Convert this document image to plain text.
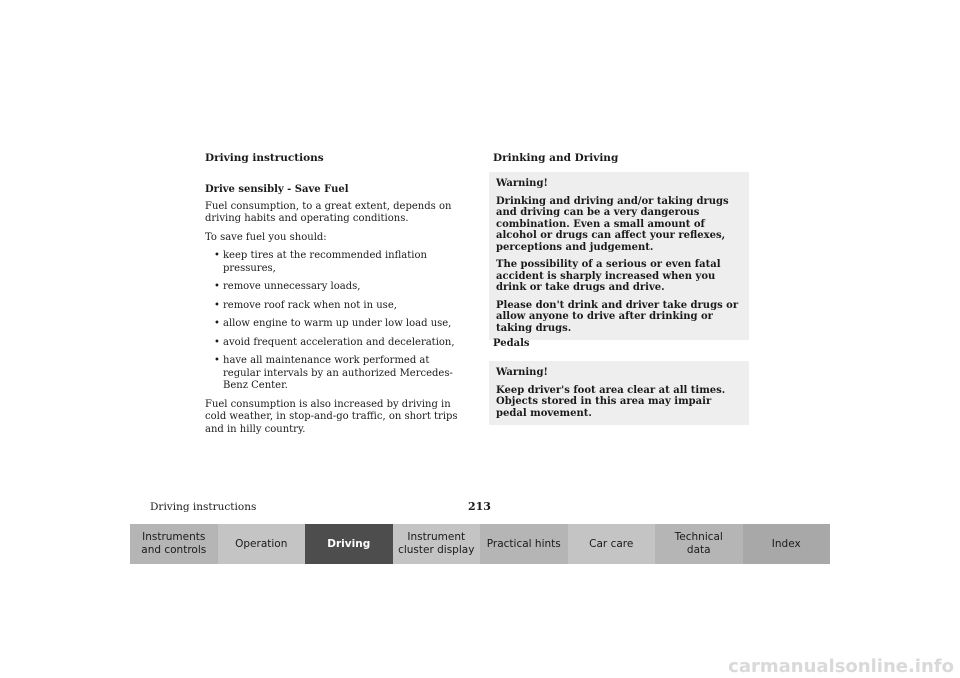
Driving instructions	Drinking and Driving

Drive sensibly - Save Fuel

Fuel consumption, to a great extent, depends on driving habits and operating conditions.

To save fuel you should:

• keep tires at the recommended inflation pressures,
• remove unnecessary loads,
• remove roof rack when not in use,
• allow engine to warm up under low load use,
• avoid frequent acceleration and deceleration,
• have all maintenance work performed at regular intervals by an authorized Mercedes-Benz Center.

Fuel consumption is also increased by driving in cold weather, in stop-and-go traffic, on short trips and in hilly country.

Warning!

Drinking and driving and/or taking drugs and driving can be a very dangerous combination. Even a small amount of alcohol or drugs can affect your reflexes, perceptions and judgement.

The possibility of a serious or even fatal accident is sharply increased when you drink or take drugs and drive.

Please don't drink and driver take drugs or allow anyone to drive after drinking or taking drugs.

Pedals

Warning!

Keep driver's foot area clear at all times. Objects stored in this area may impair pedal movement.

Driving instructions	213
Instruments
and controls
Operation	Driving
Instrument
cluster display
Practical hints	Car care
Technical
data
Index
carmanualsonline.info
